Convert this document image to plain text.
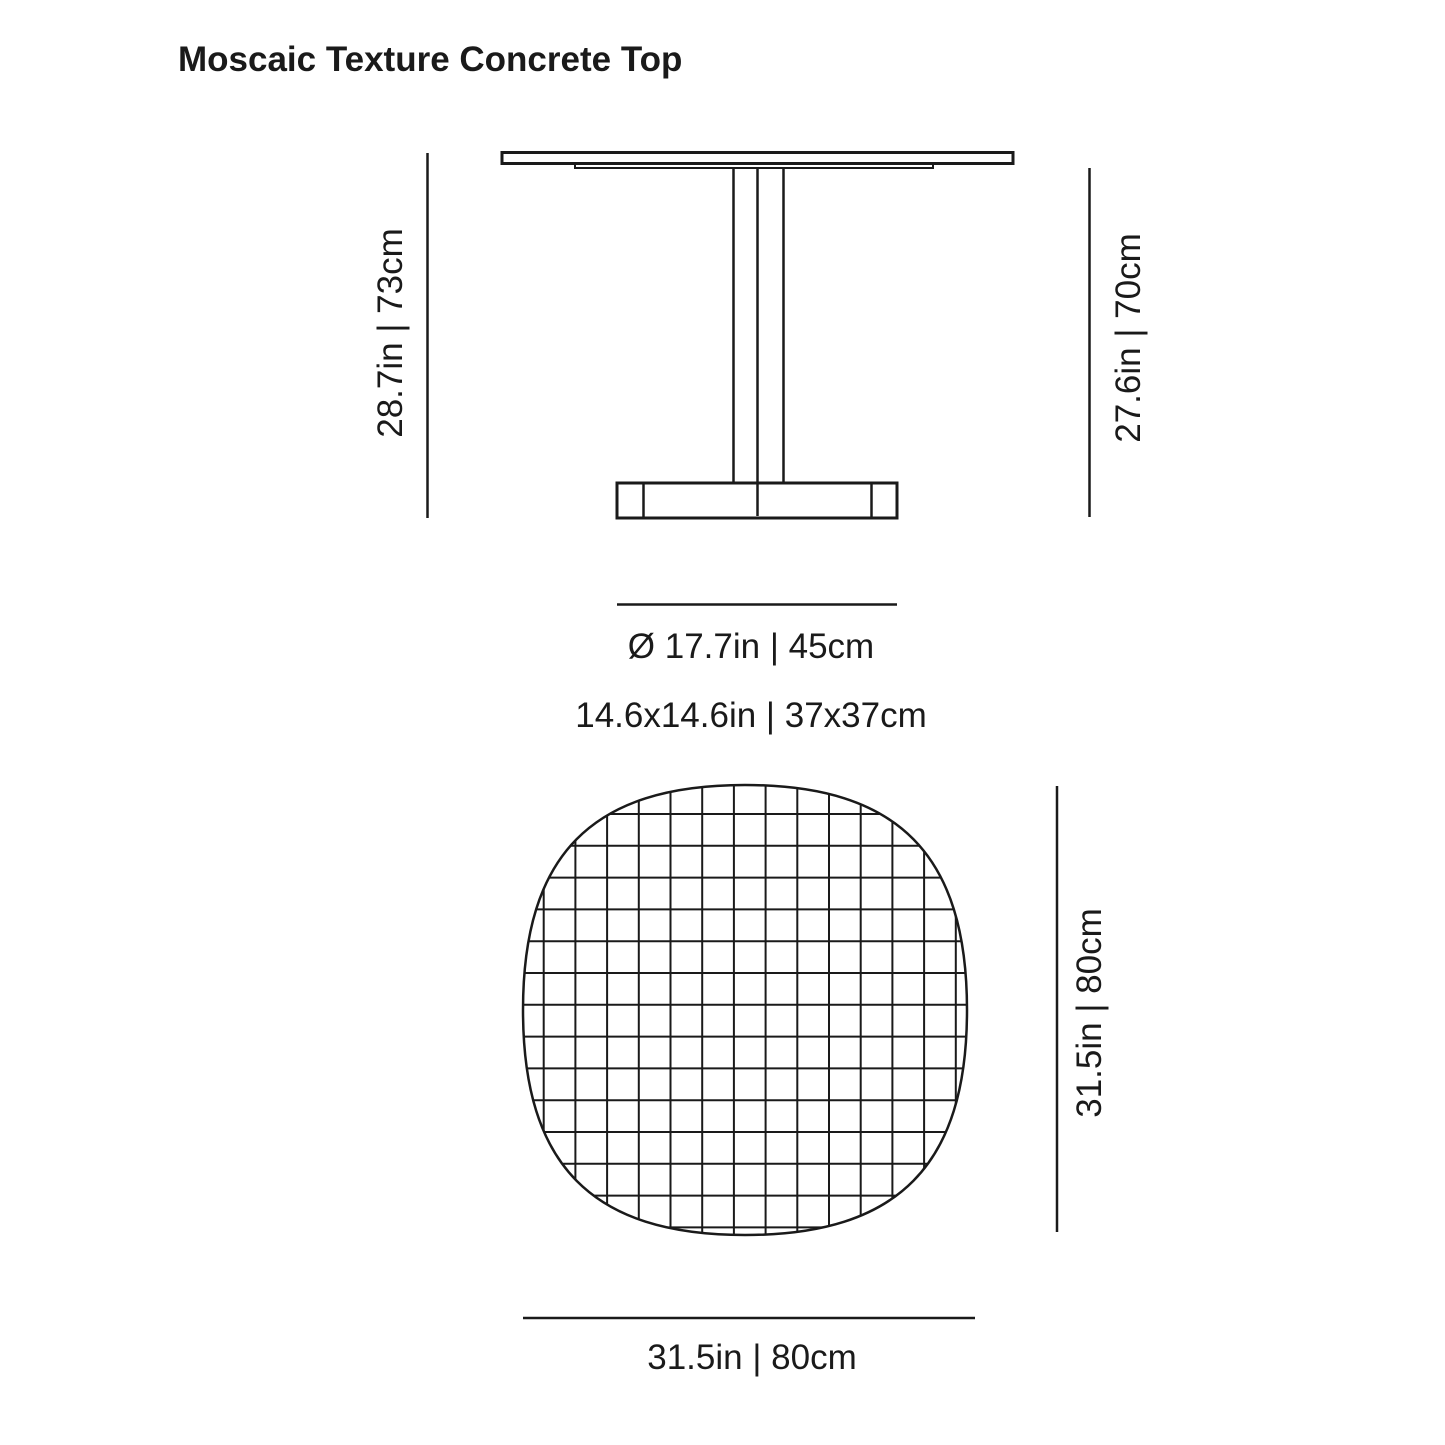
Moscaic Texture Concrete Top
28.7in | 73cm	27.6in | 70cm
Ø 17.7in | 45cm
14.6x14.6in | 37x37cm
31.5in | 80cm
31.5in | 80cm
